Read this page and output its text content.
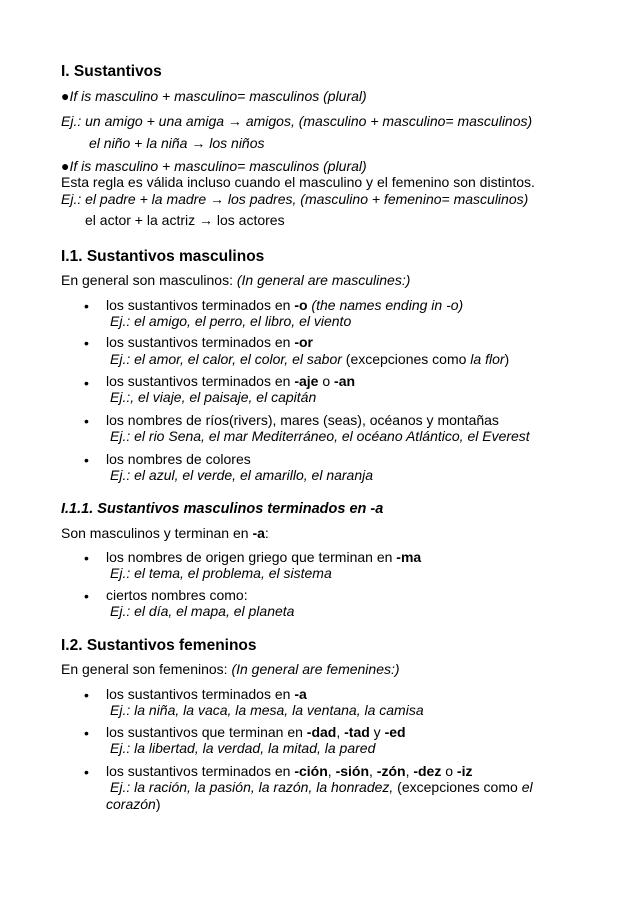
I. Sustantivos
●If is masculino + masculino= masculinos (plural)
Ej.: un amigo + una amiga → amigos, (masculino + masculino= masculinos)
el niño + la niña → los niños
●If is masculino + masculino= masculinos (plural)
Esta regla es válida incluso cuando el masculino y el femenino son distintos.
Ej.: el padre + la madre → los padres, (masculino + femenino= masculinos)
el actor + la actriz → los actores
I.1. Sustantivos masculinos
En general son masculinos: (In general are masculines:)
• los sustantivos terminados en -o (the names ending in -o)
Ej.: el amigo, el perro, el libro, el viento
• los sustantivos terminados en -or
Ej.: el amor, el calor, el color, el sabor (excepciones como la flor)
• los sustantivos terminados en -aje o -an
Ej.:, el viaje, el paisaje, el capitán
• los nombres de ríos(rivers), mares (seas), océanos y montañas
Ej.: el rio Sena, el mar Mediterráneo, el océano Atlántico, el Everest
• los nombres de colores
Ej.: el azul, el verde, el amarillo, el naranja
I.1.1. Sustantivos masculinos terminados en -a
Son masculinos y terminan en -a:
• los nombres de origen griego que terminan en -ma
Ej.: el tema, el problema, el sistema
• ciertos nombres como:
Ej.: el día, el mapa, el planeta
I.2. Sustantivos femeninos
En general son femeninos: (In general are femenines:)
• los sustantivos terminados en -a
Ej.: la niña, la vaca, la mesa, la ventana, la camisa
• los sustantivos que terminan en -dad, -tad y -ed
Ej.: la libertad, la verdad, la mitad, la pared
• los sustantivos terminados en -ción, -sión, -zón, -dez o -iz
Ej.: la ración, la pasión, la razón, la honradez, (excepciones como el
corazón)
